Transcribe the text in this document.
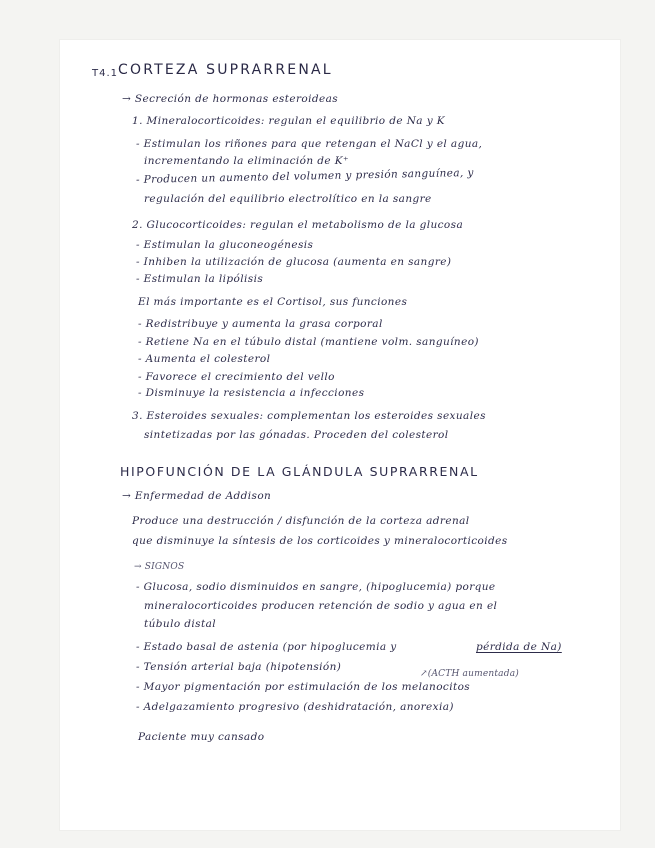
T4.1 CORTEZA SUPRARRENAL
→ Secreción de hormonas esteroideas
1. Mineralocorticoides: regulan el equilibrio de Na y K
- Estimulan los riñones para que retengan el NaCl y el agua,
incrementando la eliminación de K⁺
- Producen un aumento del volumen y presión sanguínea, y
regulación del equilibrio electrolítico en la sangre
2. Glucocorticoides: regulan el metabolismo de la glucosa
- Estimulan la gluconeogénesis
- Inhiben la utilización de glucosa (aumenta en sangre)
- Estimulan la lipólisis
El más importante es el Cortisol, sus funciones
- Redistribuye y aumenta la grasa corporal
- Retiene Na en el túbulo distal (mantiene volm. sanguíneo)
- Aumenta el colesterol
- Favorece el crecimiento del vello
- Disminuye la resistencia a infecciones
3. Esteroides sexuales: complementan los esteroides sexuales
sintetizadas por las gónadas. Proceden del colesterol
HIPOFUNCIÓN DE LA GLÁNDULA SUPRARRENAL
→ Enfermedad de Addison
Produce una destrucción / disfunción de la corteza adrenal
que disminuye la síntesis de los corticoides y mineralocorticoides
→ SIGNOS
- Glucosa, sodio disminuidos en sangre, (hipoglucemia) porque
mineralocorticoides producen retención de sodio y agua en el
túbulo distal
- Estado basal de astenia (por hipoglucemia y	pérdida de Na)
- Tensión arterial baja (hipotensión)
↗(ACTH aumentada)
- Mayor pigmentación por estimulación de los melanocitos
- Adelgazamiento progresivo (deshidratación, anorexia)
Paciente muy cansado
